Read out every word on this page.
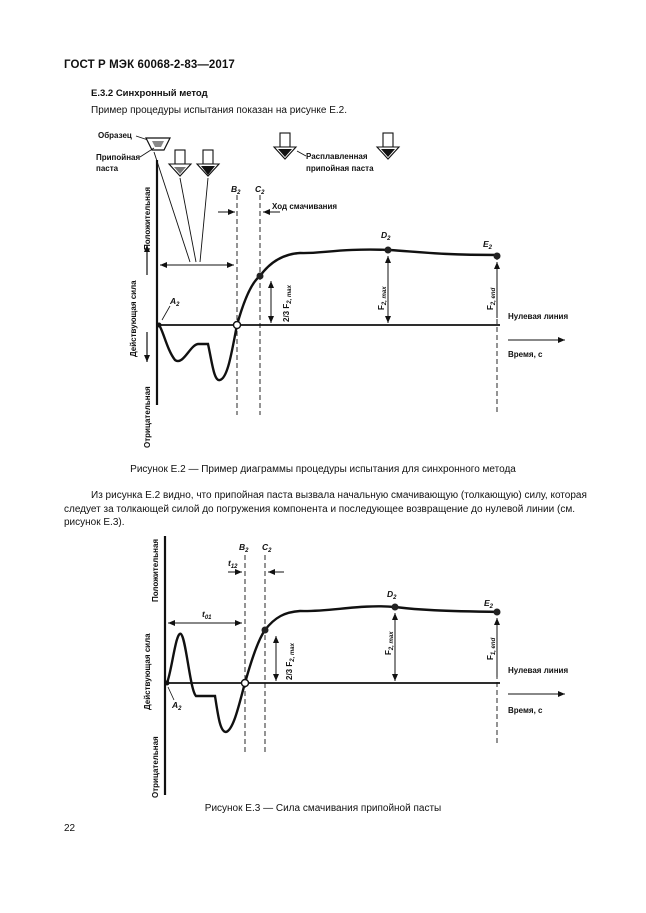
ГОСТ Р МЭК 60068-2-83—2017
Е.3.2 Синхронный метод
Пример процедуры испытания показан на рисунке Е.2.
Образец
Припойная
паста
Расплавленная
припойная паста
Положительная
Действующая сила
Отрицательная
Нулевая линия
Время, с
$B_2$ $C_2$
Ход смачивания
$A_2$
$D_2$	$E_2$
2/3 $F_{2, max}$
$F_{2, max}$
$F_{2, end}$
Рисунок Е.2 — Пример диаграммы процедуры испытания для синхронного метода
Из рисунка Е.2 видно, что припойная паста вызвала начальную смачивающую (толкающую) силу, которая следует за толкающей силой до погружения компонента и последующее возвращение до нулевой линии (см. рисунок Е.3).
Положительная
Действующая сила
Отрицательная
Нулевая линия
Время, с
$B_2$ $C_2$
$t_{12}$
$t_{01}$
$A_2$
$D_2$	$E_2$
2/3 $F_{2, max}$	$F_{2, max}$
$F_{1, end}$
Рисунок Е.3 — Сила смачивания припойной пасты
22
